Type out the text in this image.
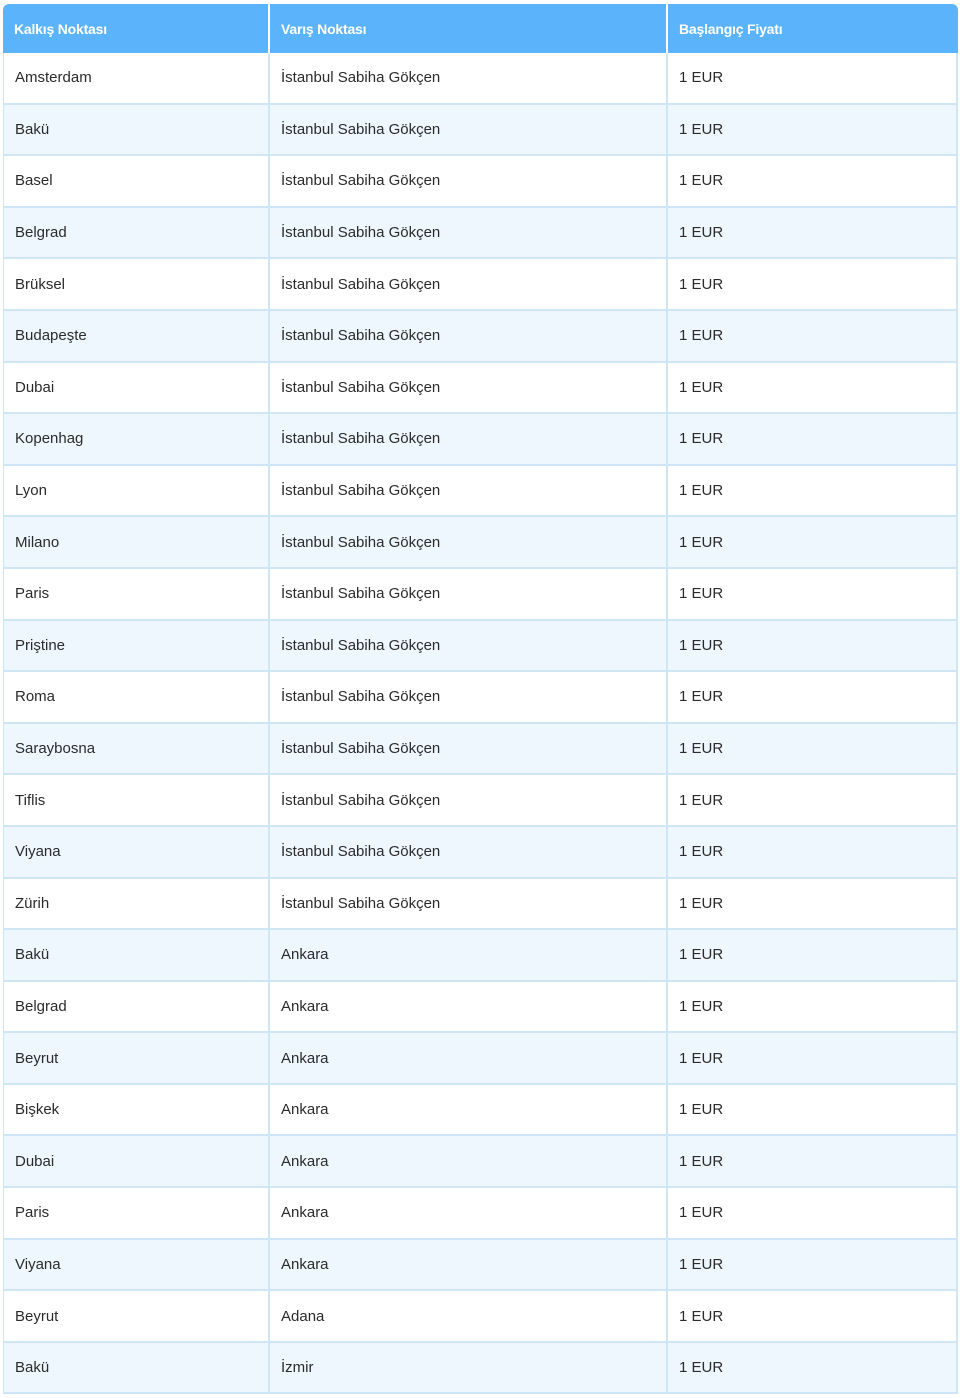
Kalkış Noktası	Varış Noktası	Başlangıç Fiyatı
Amsterdam	İstanbul Sabiha Gökçen	1 EUR
Bakü	İstanbul Sabiha Gökçen	1 EUR
Basel	İstanbul Sabiha Gökçen	1 EUR
Belgrad	İstanbul Sabiha Gökçen	1 EUR
Brüksel	İstanbul Sabiha Gökçen	1 EUR
Budapeşte	İstanbul Sabiha Gökçen	1 EUR
Dubai	İstanbul Sabiha Gökçen	1 EUR
Kopenhag	İstanbul Sabiha Gökçen	1 EUR
Lyon	İstanbul Sabiha Gökçen	1 EUR
Milano	İstanbul Sabiha Gökçen	1 EUR
Paris	İstanbul Sabiha Gökçen	1 EUR
Priştine	İstanbul Sabiha Gökçen	1 EUR
Roma	İstanbul Sabiha Gökçen	1 EUR
Saraybosna	İstanbul Sabiha Gökçen	1 EUR
Tiflis	İstanbul Sabiha Gökçen	1 EUR
Viyana	İstanbul Sabiha Gökçen	1 EUR
Zürih	İstanbul Sabiha Gökçen	1 EUR
Bakü	Ankara	1 EUR
Belgrad	Ankara	1 EUR
Beyrut	Ankara	1 EUR
Bişkek	Ankara	1 EUR
Dubai	Ankara	1 EUR
Paris	Ankara	1 EUR
Viyana	Ankara	1 EUR
Beyrut	Adana	1 EUR
Bakü	İzmir	1 EUR
